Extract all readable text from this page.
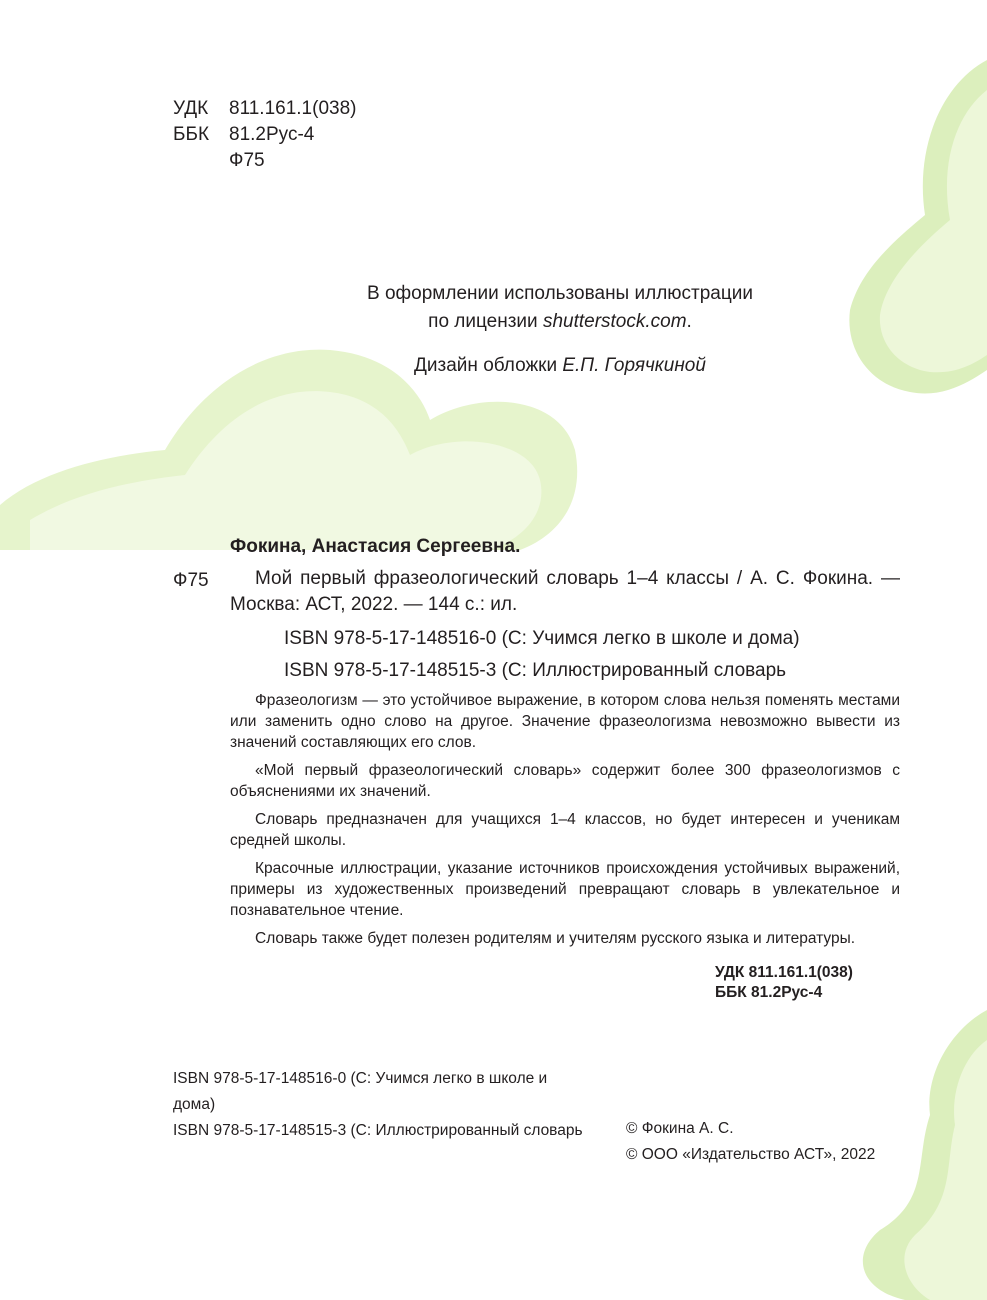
УДК	811.161.1(038)
ББК	81.2Рус-4
Ф75
В оформлении использованы иллюстрации
по лицензии shutterstock.com.
Дизайн обложки Е.П. Горячкиной
Фокина, Анастасия Сергеевна.
Ф75	Мой первый фразеологический словарь 1–4 классы / А. С. Фокина. — Москва: АСТ, 2022. — 144 с.: ил.
ISBN 978-5-17-148516-0 (С: Учимся легко в школе и дома)
ISBN 978-5-17-148515-3 (С: Иллюстрированный словарь

Фразеологизм — это устойчивое выражение, в котором слова нельзя поменять местами или заменить одно слово на другое. Значение фразеологизма невозможно вывести из значений составляющих его слов.

«Мой первый фразеологический словарь» содержит более 300 фразеологизмов с объяснениями их значений.

Словарь предназначен для учащихся 1–4 классов, но будет интересен и ученикам средней школы.

Красочные иллюстрации, указание источников происхождения устойчивых выражений, примеры из художественных произведений превращают словарь в увлекательное и познавательное чтение.

Словарь также будет полезен родителям и учителям русского языка и литературы.

УДК 811.161.1(038)
ББК 81.2Рус-4
ISBN 978-5-17-148516-0 (С: Учимся легко в школе и дома)
ISBN 978-5-17-148515-3 (С: Иллюстрированный словарь	© Фокина А. С.
© ООО «Издательство АСТ», 2022
